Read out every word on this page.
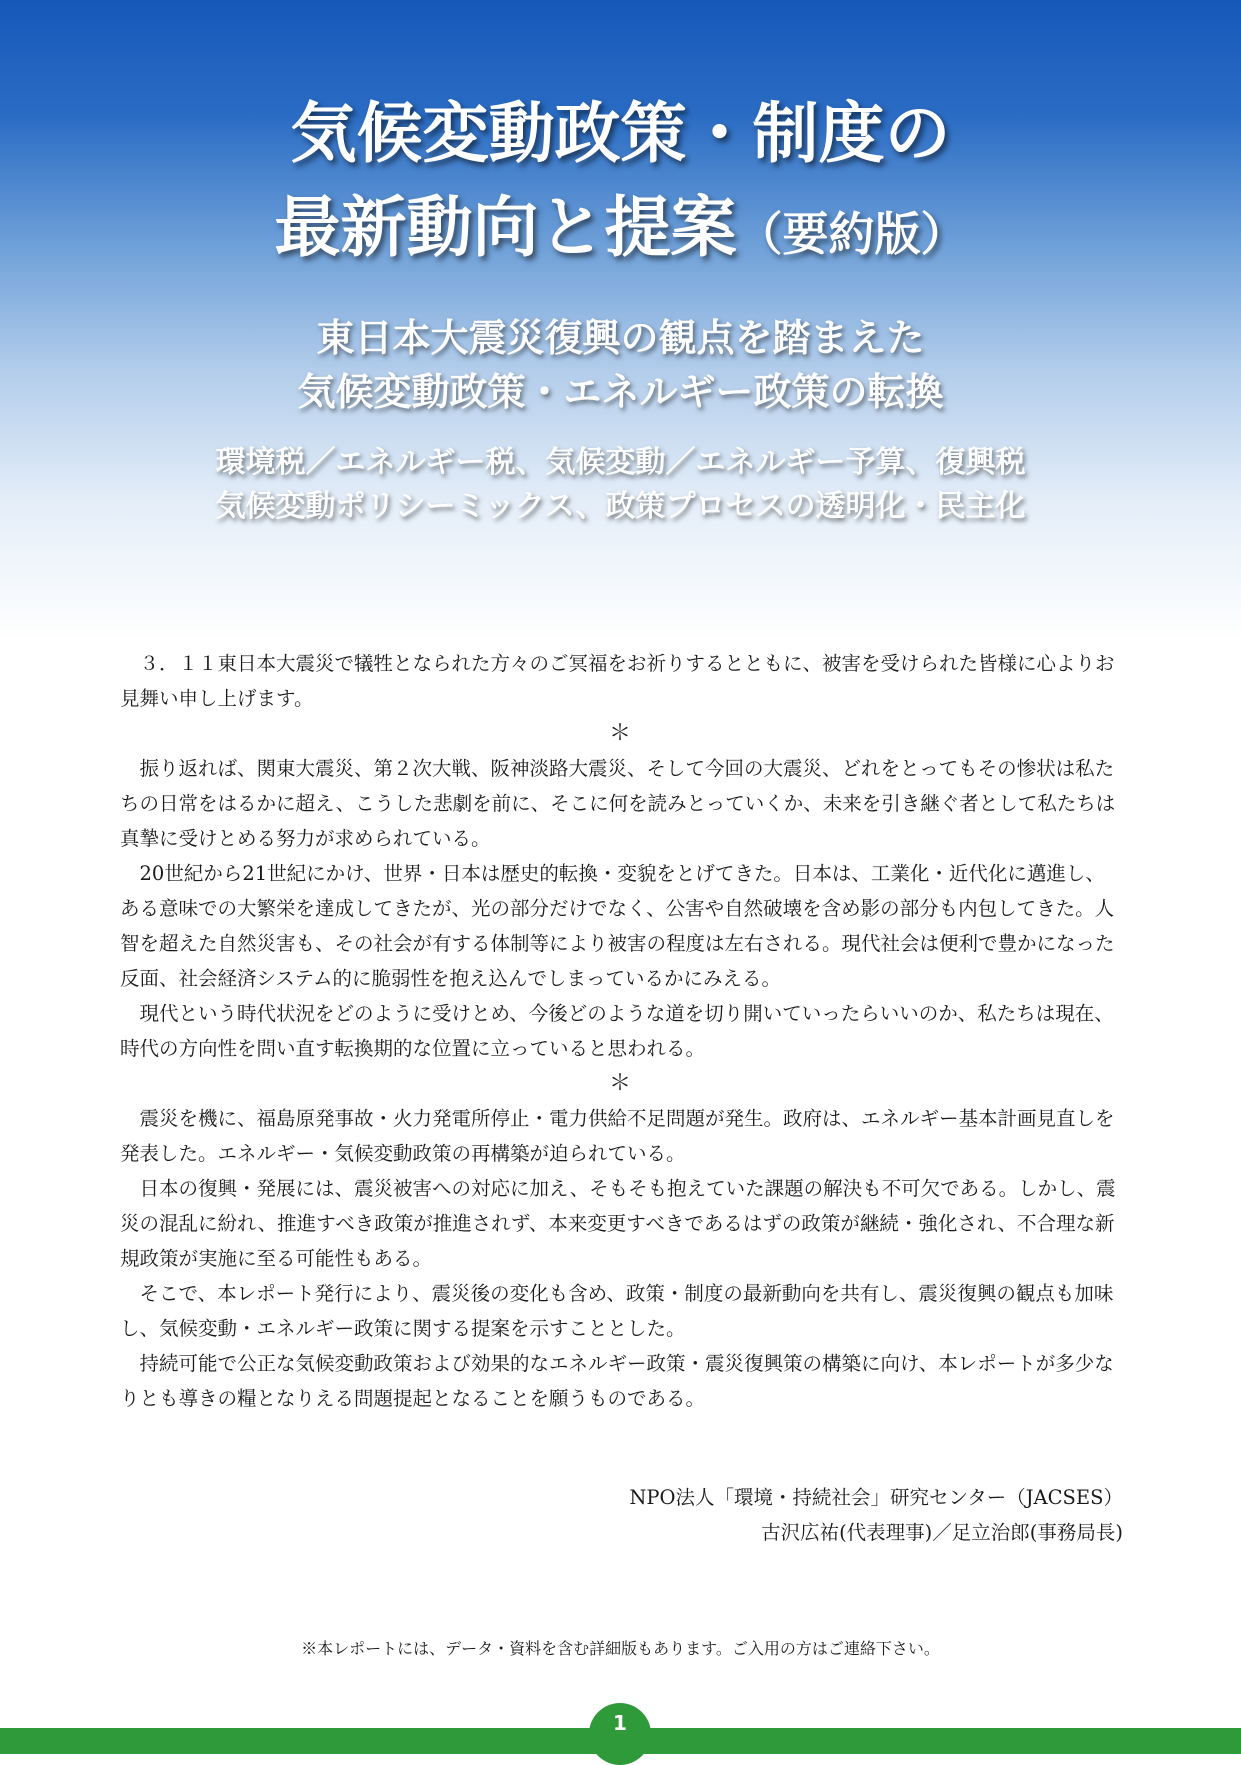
気候変動政策・制度の
最新動向と提案（要約版）
東日本大震災復興の観点を踏まえた
気候変動政策・エネルギー政策の転換
環境税／エネルギー税、気候変動／エネルギー予算、復興税
気候変動ポリシーミックス、政策プロセスの透明化・民主化

３．１１東日本大震災で犠牲となられた方々のご冥福をお祈りするとともに、被害を受けられた皆様に心よりお見舞い申し上げます。

＊

振り返れば、関東大震災、第２次大戦、阪神淡路大震災、そして今回の大震災、どれをとってもその惨状は私たちの日常をはるかに超え、こうした悲劇を前に、そこに何を読みとっていくか、未来を引き継ぐ者として私たちは真摯に受けとめる努力が求められている。

20世紀から21世紀にかけ、世界・日本は歴史的転換・変貌をとげてきた。日本は、工業化・近代化に邁進し、ある意味での大繁栄を達成してきたが、光の部分だけでなく、公害や自然破壊を含め影の部分も内包してきた。人智を超えた自然災害も、その社会が有する体制等により被害の程度は左右される。現代社会は便利で豊かになった反面、社会経済システム的に脆弱性を抱え込んでしまっているかにみえる。

現代という時代状況をどのように受けとめ、今後どのような道を切り開いていったらいいのか、私たちは現在、時代の方向性を問い直す転換期的な位置に立っていると思われる。

＊

震災を機に、福島原発事故・火力発電所停止・電力供給不足問題が発生。政府は、エネルギー基本計画見直しを発表した。エネルギー・気候変動政策の再構築が迫られている。

日本の復興・発展には、震災被害への対応に加え、そもそも抱えていた課題の解決も不可欠である。しかし、震災の混乱に紛れ、推進すべき政策が推進されず、本来変更すべきであるはずの政策が継続・強化され、不合理な新規政策が実施に至る可能性もある。

そこで、本レポート発行により、震災後の変化も含め、政策・制度の最新動向を共有し、震災復興の観点も加味し、気候変動・エネルギー政策に関する提案を示すこととした。

持続可能で公正な気候変動政策および効果的なエネルギー政策・震災復興策の構築に向け、本レポートが多少なりとも導きの糧となりえる問題提起となることを願うものである。

NPO法人「環境・持続社会」研究センター（JACSES）
古沢広祐(代表理事)／足立治郎(事務局長)
※本レポートには、データ・資料を含む詳細版もあります。ご入用の方はご連絡下さい。
1
